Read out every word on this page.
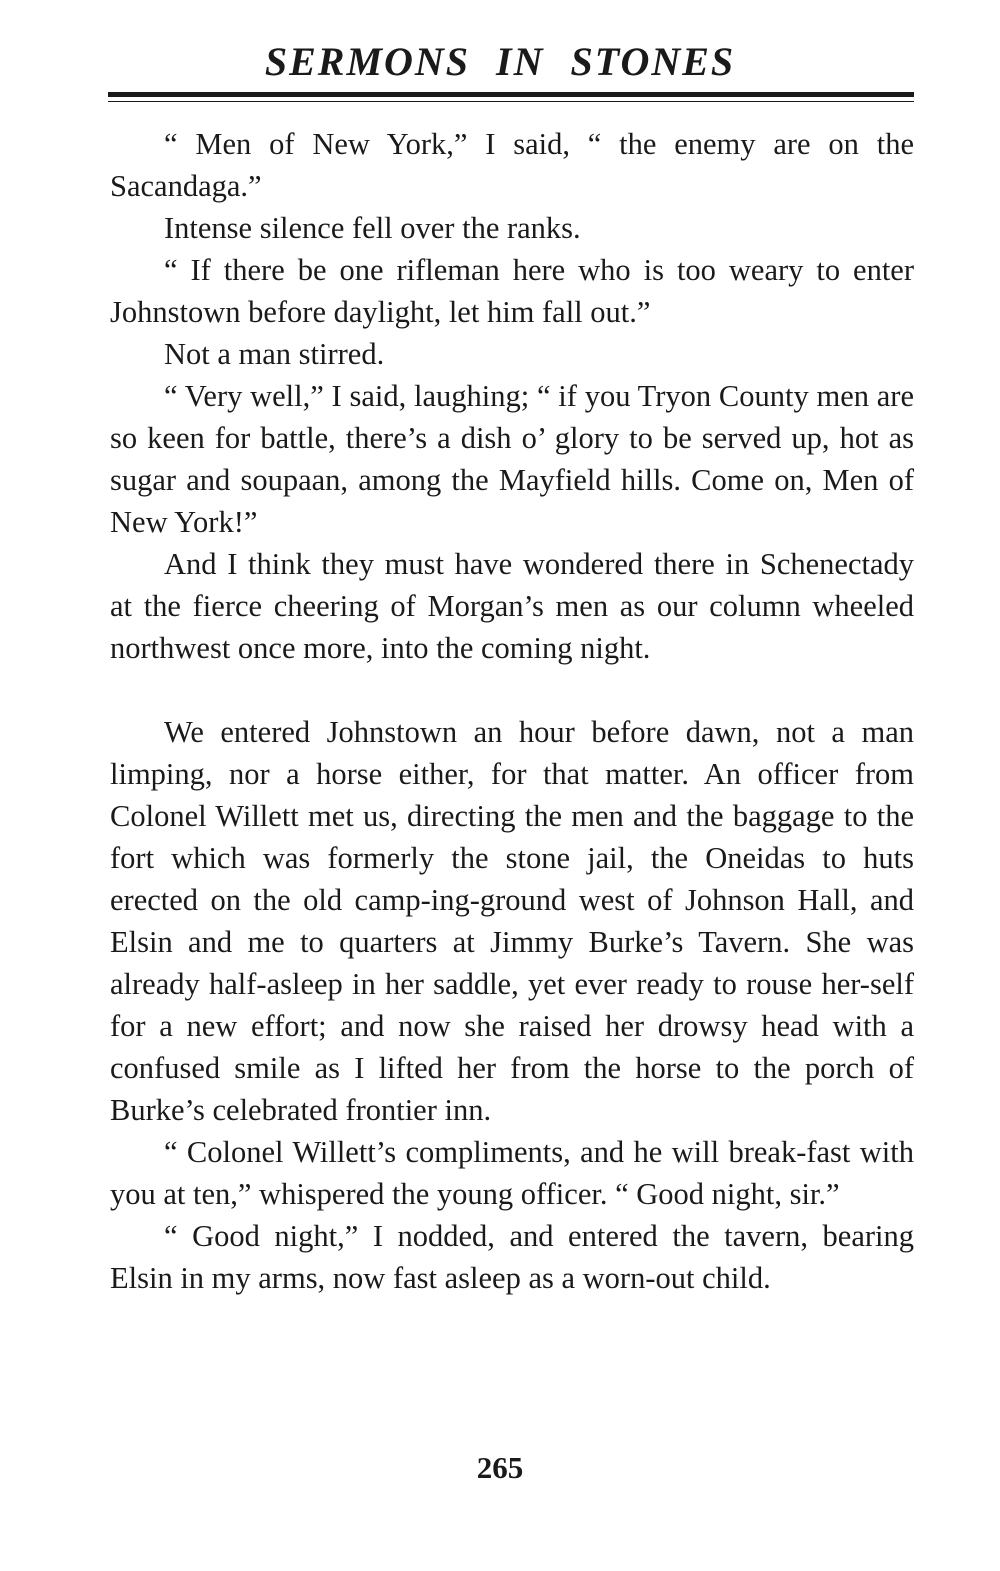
SERMONS IN STONES

“ Men of New York,” I said, “ the enemy are on the Sacandaga.”

Intense silence fell over the ranks.

“ If there be one rifleman here who is too weary to enter Johnstown before daylight, let him fall out.”

Not a man stirred.

“ Very well,” I said, laughing; “ if you Tryon County men are so keen for battle, there’s a dish o’ glory to be served up, hot as sugar and soupaan, among the Mayfield hills. Come on, Men of New York!”

And I think they must have wondered there in Schenectady at the fierce cheering of Morgan’s men as our column wheeled northwest once more, into the coming night.

We entered Johnstown an hour before dawn, not a man limping, nor a horse either, for that matter. An officer from Colonel Willett met us, directing the men and the baggage to the fort which was formerly the stone jail, the Oneidas to huts erected on the old camp-ing-ground west of Johnson Hall, and Elsin and me to quarters at Jimmy Burke’s Tavern. She was already half-asleep in her saddle, yet ever ready to rouse her-self for a new effort; and now she raised her drowsy head with a confused smile as I lifted her from the horse to the porch of Burke’s celebrated frontier inn.

“ Colonel Willett’s compliments, and he will break-fast with you at ten,” whispered the young officer. “ Good night, sir.”

“ Good night,” I nodded, and entered the tavern, bearing Elsin in my arms, now fast asleep as a worn-out child.

265
